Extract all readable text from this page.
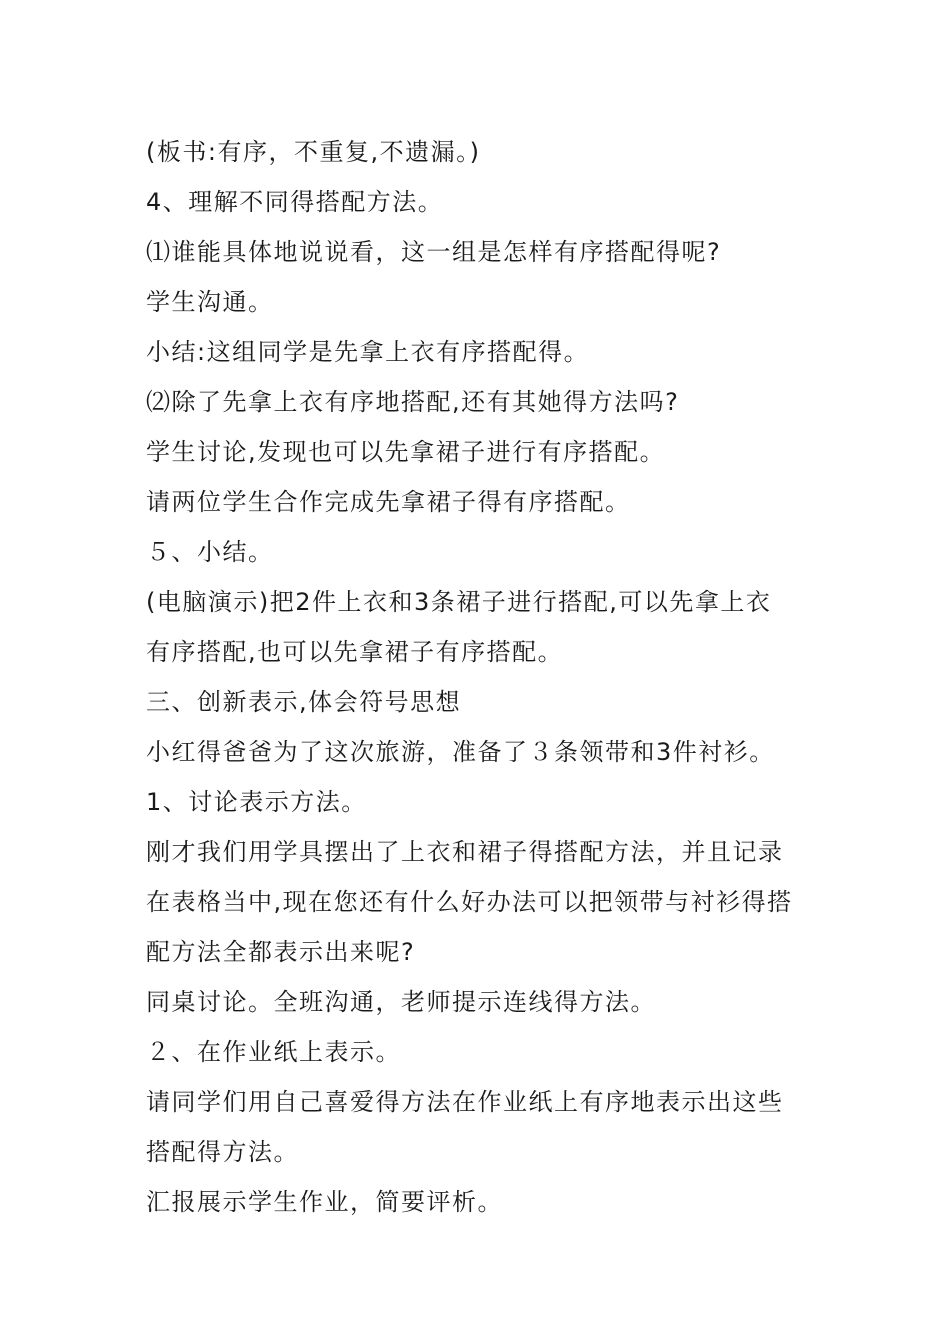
(板书:有序，不重复,不遗漏。)
4、理解不同得搭配方法。
⑴谁能具体地说说看，这一组是怎样有序搭配得呢?
学生沟通。
小结:这组同学是先拿上衣有序搭配得。
⑵除了先拿上衣有序地搭配,还有其她得方法吗?
学生讨论,发现也可以先拿裙子进行有序搭配。
请两位学生合作完成先拿裙子得有序搭配。
５、小结。
(电脑演示)把2件上衣和3条裙子进行搭配,可以先拿上衣
有序搭配,也可以先拿裙子有序搭配。
三、创新表示,体会符号思想
小红得爸爸为了这次旅游，准备了３条领带和3件衬衫。
1、讨论表示方法。
刚才我们用学具摆出了上衣和裙子得搭配方法，并且记录
在表格当中,现在您还有什么好办法可以把领带与衬衫得搭
配方法全都表示出来呢?
同桌讨论。全班沟通，老师提示连线得方法。
２、在作业纸上表示。
请同学们用自己喜爱得方法在作业纸上有序地表示出这些
搭配得方法。
汇报展示学生作业，简要评析。
